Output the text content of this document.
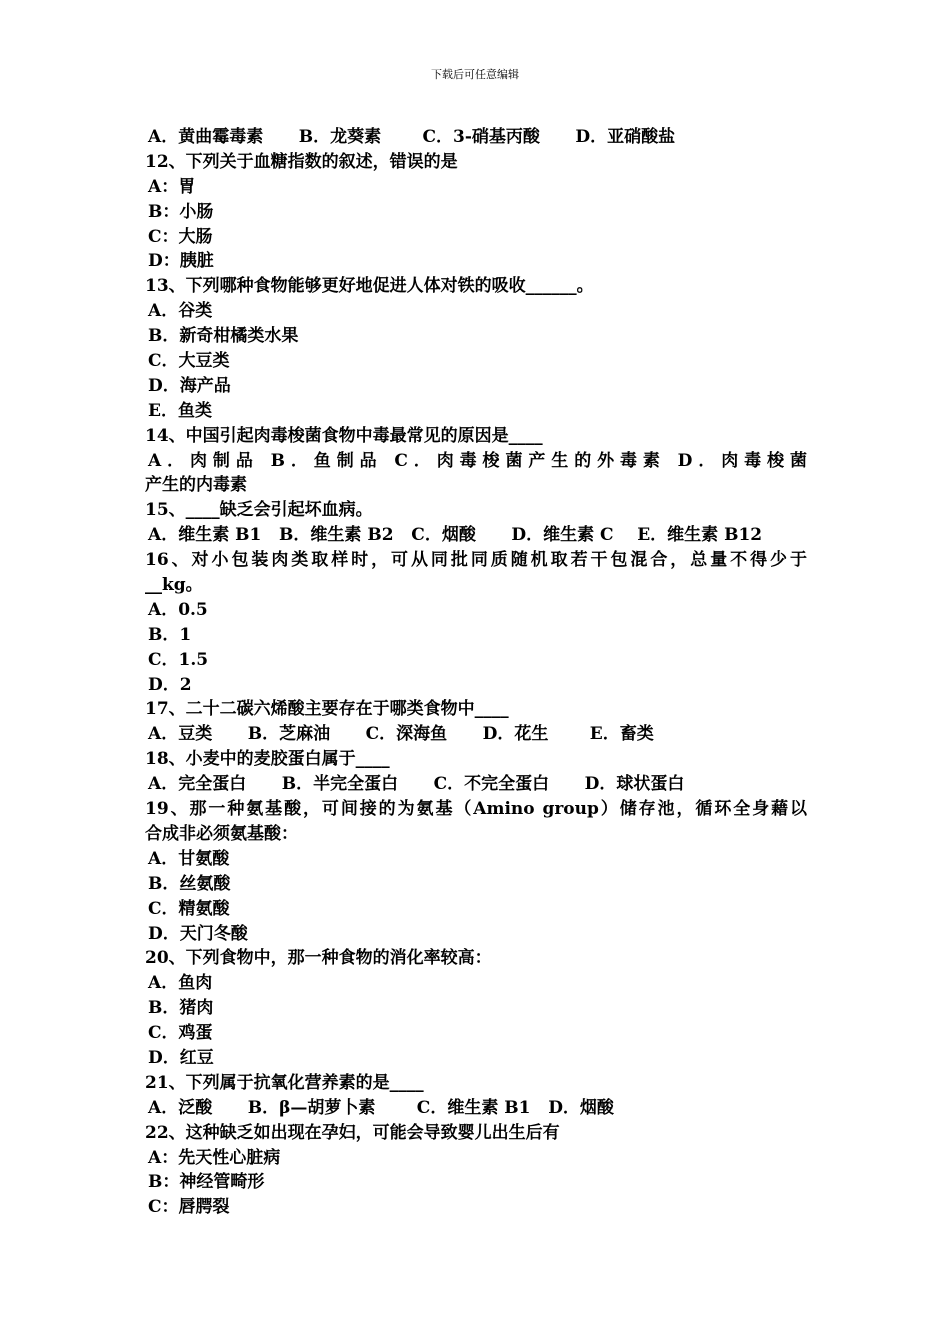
下载后可任意编辑
A．黄曲霉毒素      B．龙葵素       C．3-硝基丙酸      D．亚硝酸盐
12、下列关于血糖指数的叙述，错误的是
A：胃
B：小肠
C：大肠
D：胰脏
13、下列哪种食物能够更好地促进人体对铁的吸收______。
A．谷类
B．新奇柑橘类水果
C．大豆类
D．海产品
E．鱼类
14、中国引起肉毒梭菌食物中毒最常见的原因是____
A．肉制品 B．鱼制品 C．肉毒梭菌产生的外毒素 D．肉毒梭菌
产生的内毒素
15、____缺乏会引起坏血病。
A．维生素 B1   B．维生素 B2   C．烟酸      D．维生素 C    E．维生素 B12
16、对小包装肉类取样时，可从同批同质随机取若干包混合，总量不得少于
__kg。
A．0.5
B．1
C．1.5
D．2
17、二十二碳六烯酸主要存在于哪类食物中____
A．豆类      B．芝麻油      C．深海鱼      D．花生       E．畜类
18、小麦中的麦胶蛋白属于____
A．完全蛋白      B．半完全蛋白      C．不完全蛋白      D．球状蛋白
19、那一种氨基酸，可间接的为氨基（Amino group）储存池，循环全身藉以
合成非必须氨基酸：
A．甘氨酸
B．丝氨酸
C．精氨酸
D．天门冬酸
20、下列食物中，那一种食物的消化率较高：
A．鱼肉
B．猪肉
C．鸡蛋
D．红豆
21、下列属于抗氧化营养素的是____
A．泛酸      B．β—胡萝卜素       C．维生素 B1   D．烟酸
22、这种缺乏如出现在孕妇，可能会导致婴儿出生后有
A：先天性心脏病
B：神经管畸形
C：唇腭裂
